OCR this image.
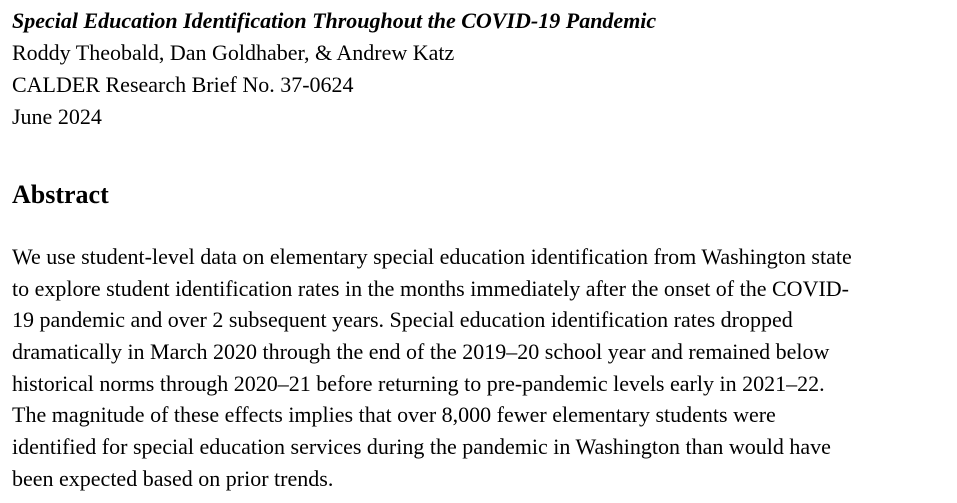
Special Education Identification Throughout the COVID-19 Pandemic
Roddy Theobald, Dan Goldhaber, & Andrew Katz
CALDER Research Brief No. 37-0624
June 2024
Abstract
We use student-level data on elementary special education identification from Washington state
to explore student identification rates in the months immediately after the onset of the COVID-
19 pandemic and over 2 subsequent years. Special education identification rates dropped
dramatically in March 2020 through the end of the 2019–20 school year and remained below
historical norms through 2020–21 before returning to pre-pandemic levels early in 2021–22.
The magnitude of these effects implies that over 8,000 fewer elementary students were
identified for special education services during the pandemic in Washington than would have
been expected based on prior trends.
